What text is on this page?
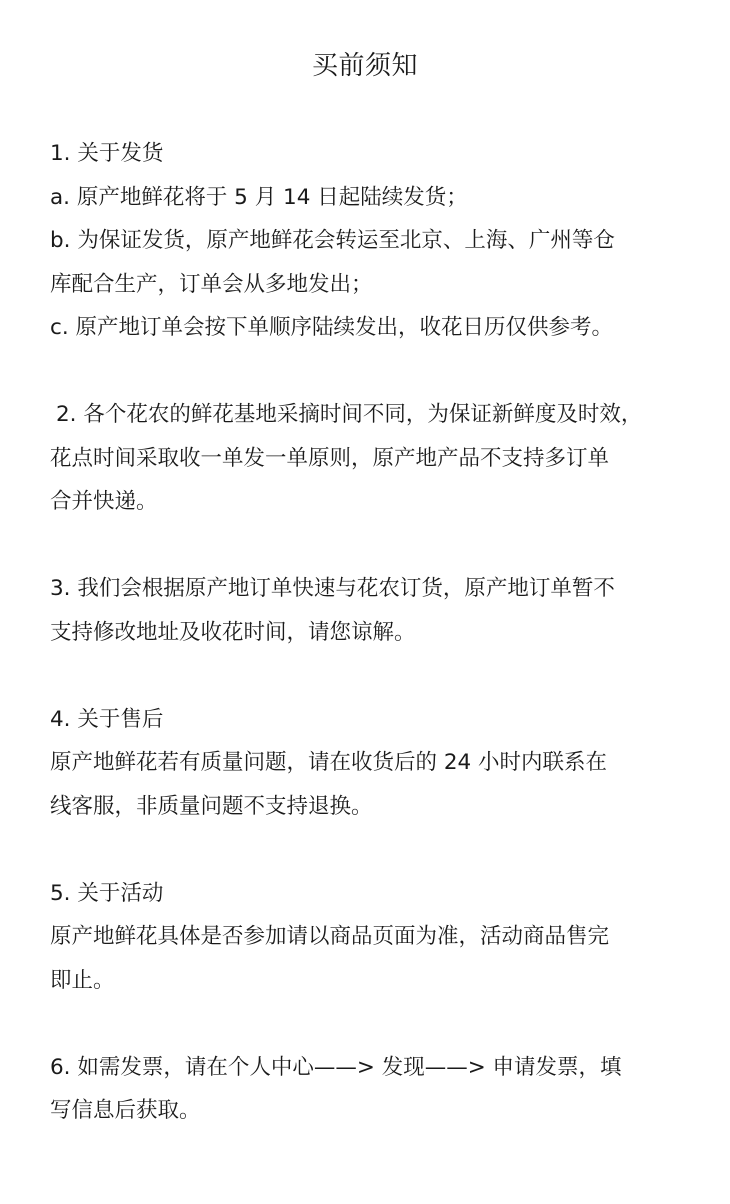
买前须知
1. 关于发货
a. 原产地鲜花将于 5 月 14 日起陆续发货；
b. 为保证发货，原产地鲜花会转运至北京、上海、广州等仓
库配合生产，订单会从多地发出；
c. 原产地订单会按下单顺序陆续发出，收花日历仅供参考。
2. 各个花农的鲜花基地采摘时间不同，为保证新鲜度及时效，
花点时间采取收一单发一单原则，原产地产品不支持多订单
合并快递。
3. 我们会根据原产地订单快速与花农订货，原产地订单暂不
支持修改地址及收花时间，请您谅解。
4. 关于售后
原产地鲜花若有质量问题，请在收货后的 24 小时内联系在
线客服，非质量问题不支持退换。
5. 关于活动
原产地鲜花具体是否参加请以商品页面为准，活动商品售完
即止。
6. 如需发票，请在个人中心——> 发现——> 申请发票，填
写信息后获取。
